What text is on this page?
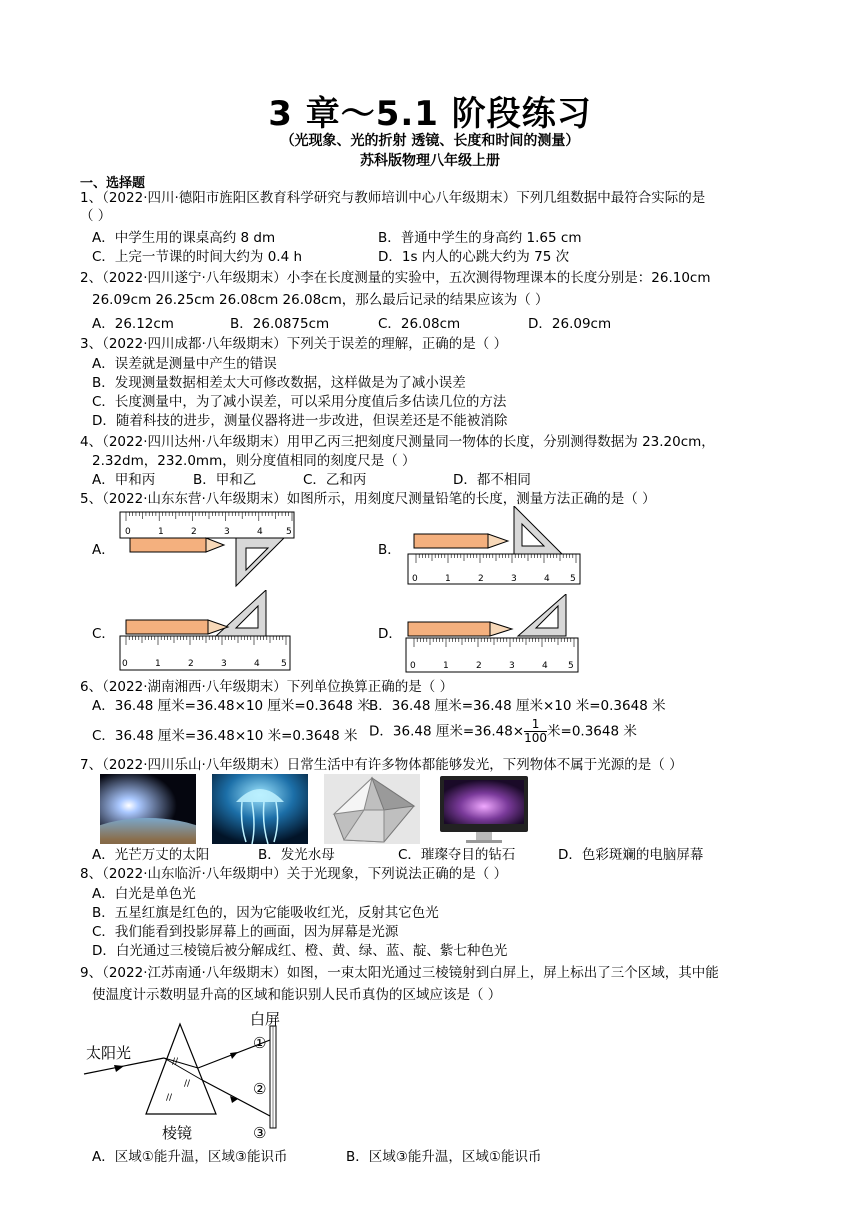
3 章～5.1 阶段练习
（光现象、光的折射 透镜、长度和时间的测量）
苏科版物理八年级上册
一、选择题
1、（2022·四川·德阳市旌阳区教育科学研究与教师培训中心八年级期末）下列几组数据中最符合实际的是
（ ）
A．中学生用的课桌高约 8 dm	B．普通中学生的身高约 1.65 cm
C．上完一节课的时间大约为 0.4 h	D．1s 内人的心跳大约为 75 次
2、（2022·四川遂宁·八年级期末）小李在长度测量的实验中，五次测得物理课本的长度分别是：26.10cm
26.09cm 26.25cm 26.08cm 26.08cm，那么最后记录的结果应该为（ ）
A．26.12cm	B．26.0875cm	C．26.08cm	D．26.09cm
3、（2022·四川成都·八年级期末）下列关于误差的理解，正确的是（ ）
A．误差就是测量中产生的错误
B．发现测量数据相差太大可修改数据，这样做是为了减小误差
C．长度测量中，为了减小误差，可以采用分度值后多估读几位的方法
D．随着科技的进步，测量仪器将进一步改进，但误差还是不能被消除
4、（2022·四川达州·八年级期末）用甲乙丙三把刻度尺测量同一物体的长度，分别测得数据为 23.20cm，
2.32dm，232.0mm，则分度值相同的刻度尺是（ ）
A．甲和丙	B．甲和乙	C．乙和丙	D．都不相同
5、（2022·山东东营·八年级期末）如图所示，用刻度尺测量铅笔的长度，测量方法正确的是（ ）
A．	B．
C．	D．
0	1	2	3	4	5
0	1	2	3	4 5
0	1	2	3	4 5	0	1	2	3	4 5
6、（2022·湖南湘西·八年级期末）下列单位换算正确的是（ ）
A．36.48 厘米=36.48×10 厘米=0.3648 米
B．36.48 厘米=36.48 厘米×10 米=0.3648 米
C．36.48 厘米=36.48×10 米=0.3648 米 D．36.48 厘米$=36.48\times \frac{1}{100}$ 米=0.3648 米
7、（2022·四川乐山·八年级期末）日常生活中有许多物体都能够发光，下列物体不属于光源的是（ ）
A．光芒万丈的太阳	B．发光水母	C．璀璨夺目的钻石	D．色彩斑斓的电脑屏幕
8、（2022·山东临沂·八年级期中）关于光现象，下列说法正确的是（ ）
A．白光是单色光
B．五星红旗是红色的，因为它能吸收红光，反射其它色光
C．我们能看到投影屏幕上的画面，因为屏幕是光源
D．白光通过三棱镜后被分解成红、橙、黄、绿、蓝、靛、紫七种色光
9、（2022·江苏南通·八年级期末）如图，一束太阳光通过三棱镜射到白屏上，屏上标出了三个区域，其中能
使温度计示数明显升高的区域和能识别人民币真伪的区域应该是（ ）
//
//
//
①
②
③
白屏
太阳光
棱镜
A．区域①能升温，区域③能识币	B．区域③能升温，区域①能识币
